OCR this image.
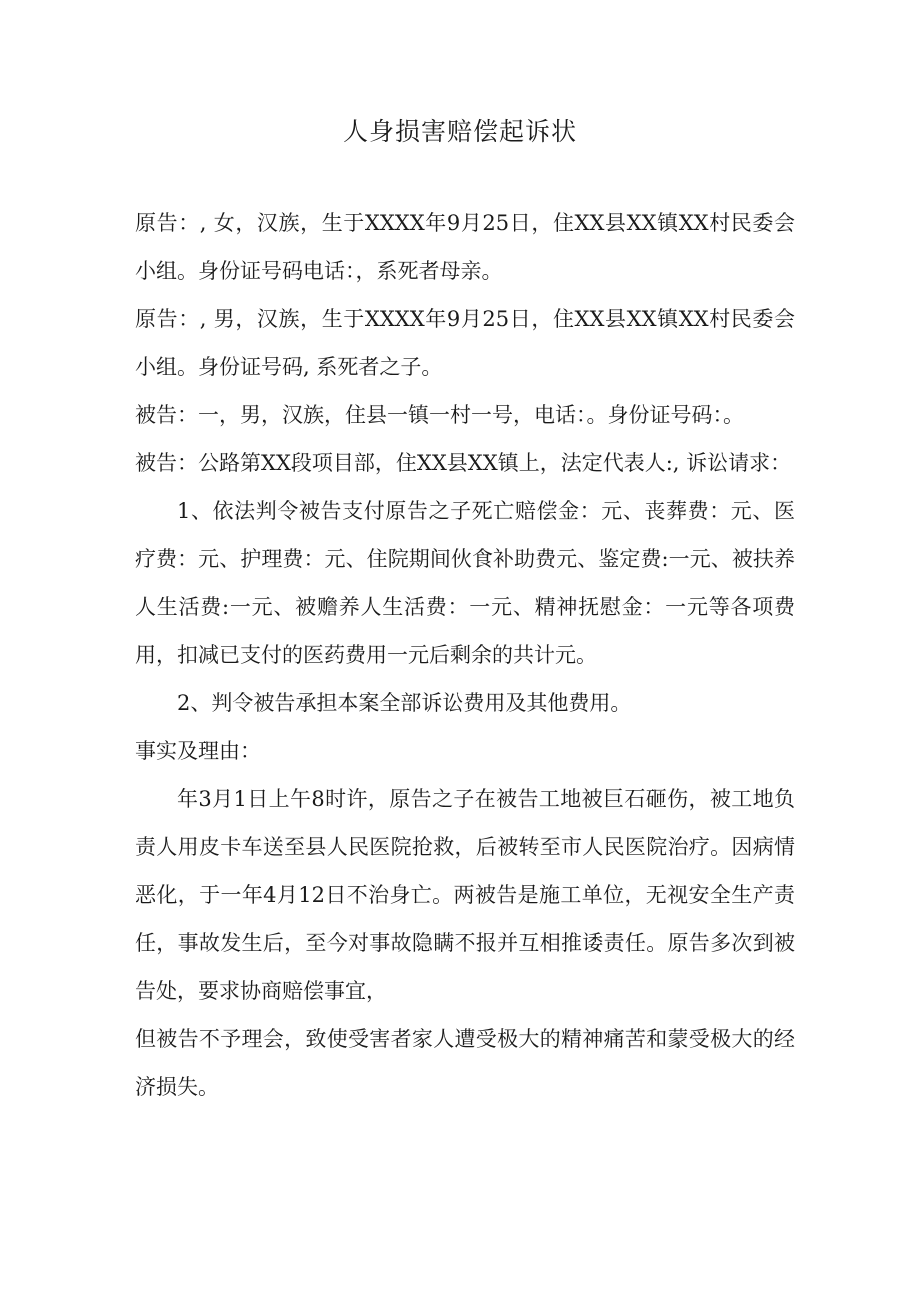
人身损害赔偿起诉状

原告：, 女，汉族，生于XXXX年9月25日，住XX县XX镇XX村民委会小组。身份证号码电话：，系死者母亲。

原告：, 男，汉族，生于XXXX年9月25日，住XX县XX镇XX村民委会小组。身份证号码, 系死者之子。

被告：一，男，汉族，住县一镇一村一号，电话：。身份证号码：。

被告：公路第XX段项目部，住XX县XX镇上，法定代表人:, 诉讼请求：

1、依法判令被告支付原告之子死亡赔偿金：元、丧葬费：元、医疗费：元、护理费：元、住院期间伙食补助费元、鉴定费:一元、被扶养人生活费:一元、被赡养人生活费：一元、精神抚慰金：一元等各项费用，扣减已支付的医药费用一元后剩余的共计元。

2、判令被告承担本案全部诉讼费用及其他费用。

事实及理由：

年3月1日上午8时许，原告之子在被告工地被巨石砸伤，被工地负责人用皮卡车送至县人民医院抢救，后被转至市人民医院治疗。因病情恶化，于一年4月12日不治身亡。两被告是施工单位，无视安全生产责任，事故发生后，至今对事故隐瞒不报并互相推诿责任。原告多次到被告处，要求协商赔偿事宜，

但被告不予理会，致使受害者家人遭受极大的精神痛苦和蒙受极大的经济损失。
